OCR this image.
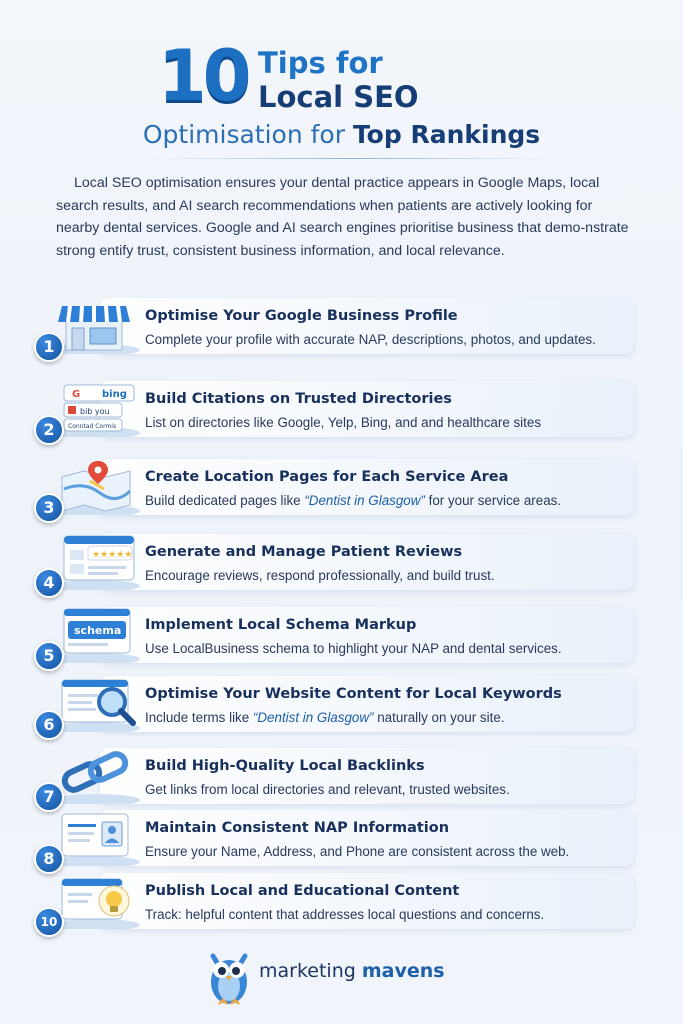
10 Tips for
Local SEO
Optimisation for Top Rankings

Local SEO optimisation ensures your dental practice appears in Google Maps, local search results, and AI search recommendations when patients are actively looking for nearby dental services. Google and AI search engines prioritise business that demo-nstrate strong entify trust, consistent business information, and local relevance.

1
Optimise Your Google Business Profile
Complete your profile with accurate NAP, descriptions, photos, and updates.
G bing
bib you
Conntad Cormis
2
Build Citations on Trusted Directories
List on directories like Google, Yelp, Bing, and and healthcare sites
3
Create Location Pages for Each Service Area
Build dedicated pages like “Dentist in Glasgow” for your service areas.
★★★★★
4
Generate and Manage Patient Reviews
Encourage reviews, respond professionally, and build trust.
schema
5
Implement Local Schema Markup
Use LocalBusiness schema to highlight your NAP and dental services.
6
Optimise Your Website Content for Local Keywords
Include terms like “Dentist in Glasgow” naturally on your site.
7
Build High-Quality Local Backlinks
Get links from local directories and relevant, trusted websites.
8
Maintain Consistent NAP Information
Ensure your Name, Address, and Phone are consistent across the web.
10
Publish Local and Educational Content
Track: helpful content that addresses local questions and concerns.
marketing mavens
